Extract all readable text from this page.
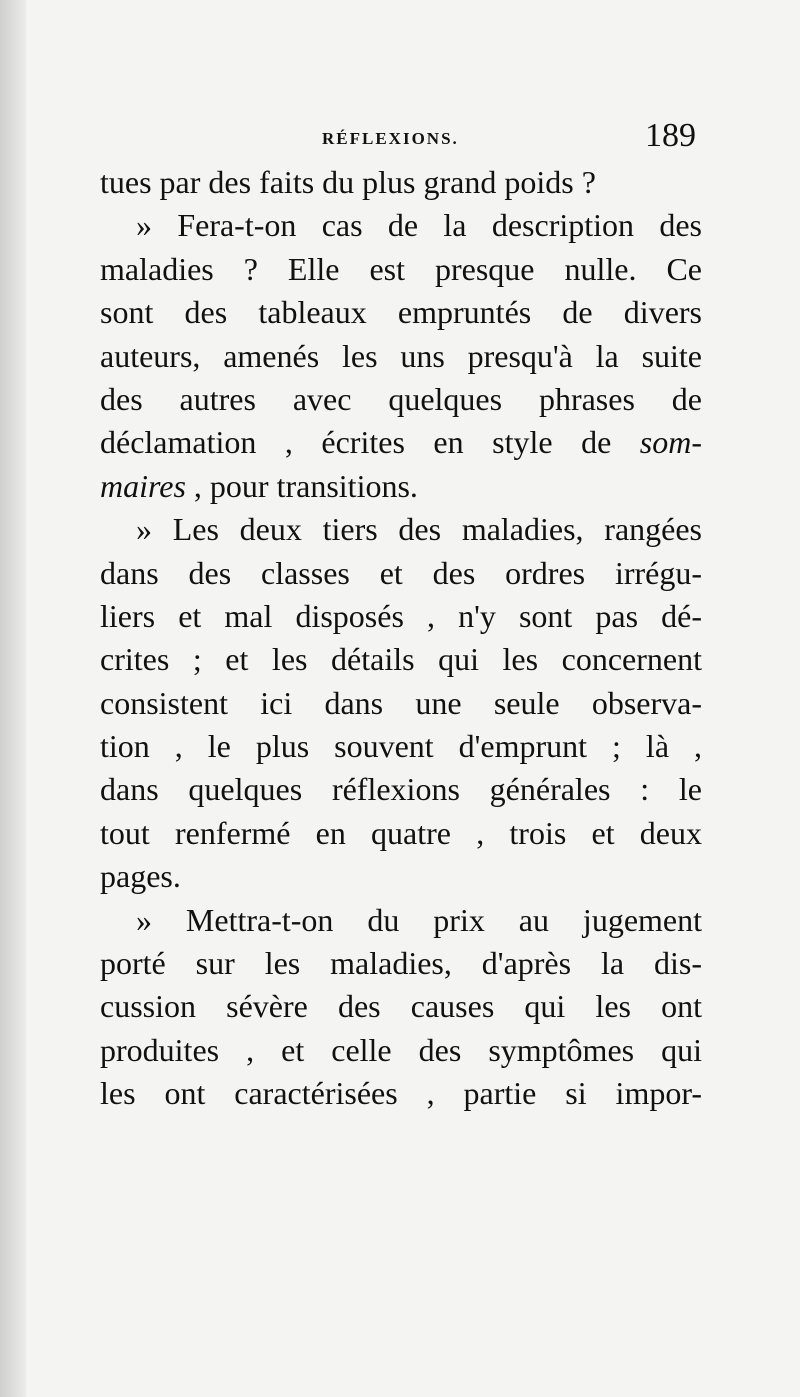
RÉFLEXIONS.	189
tues par des faits du plus grand poids ?
» Fera-t-on cas de la description des
maladies ? Elle est presque nulle. Ce
sont des tableaux empruntés de divers
auteurs, amenés les uns presqu'à la suite
des autres avec quelques phrases de
déclamation , écrites en style de som-
maires , pour transitions.
» Les deux tiers des maladies, rangées
dans des classes et des ordres irrégu-
liers et mal disposés , n'y sont pas dé-
crites ; et les détails qui les concernent
consistent ici dans une seule observa-
tion , le plus souvent d'emprunt ; là ,
dans quelques réflexions générales : le
tout renfermé en quatre , trois et deux
pages.
» Mettra-t-on du prix au jugement
porté sur les maladies, d'après la dis-
cussion sévère des causes qui les ont
produites , et celle des symptômes qui
les ont caractérisées , partie si impor-
